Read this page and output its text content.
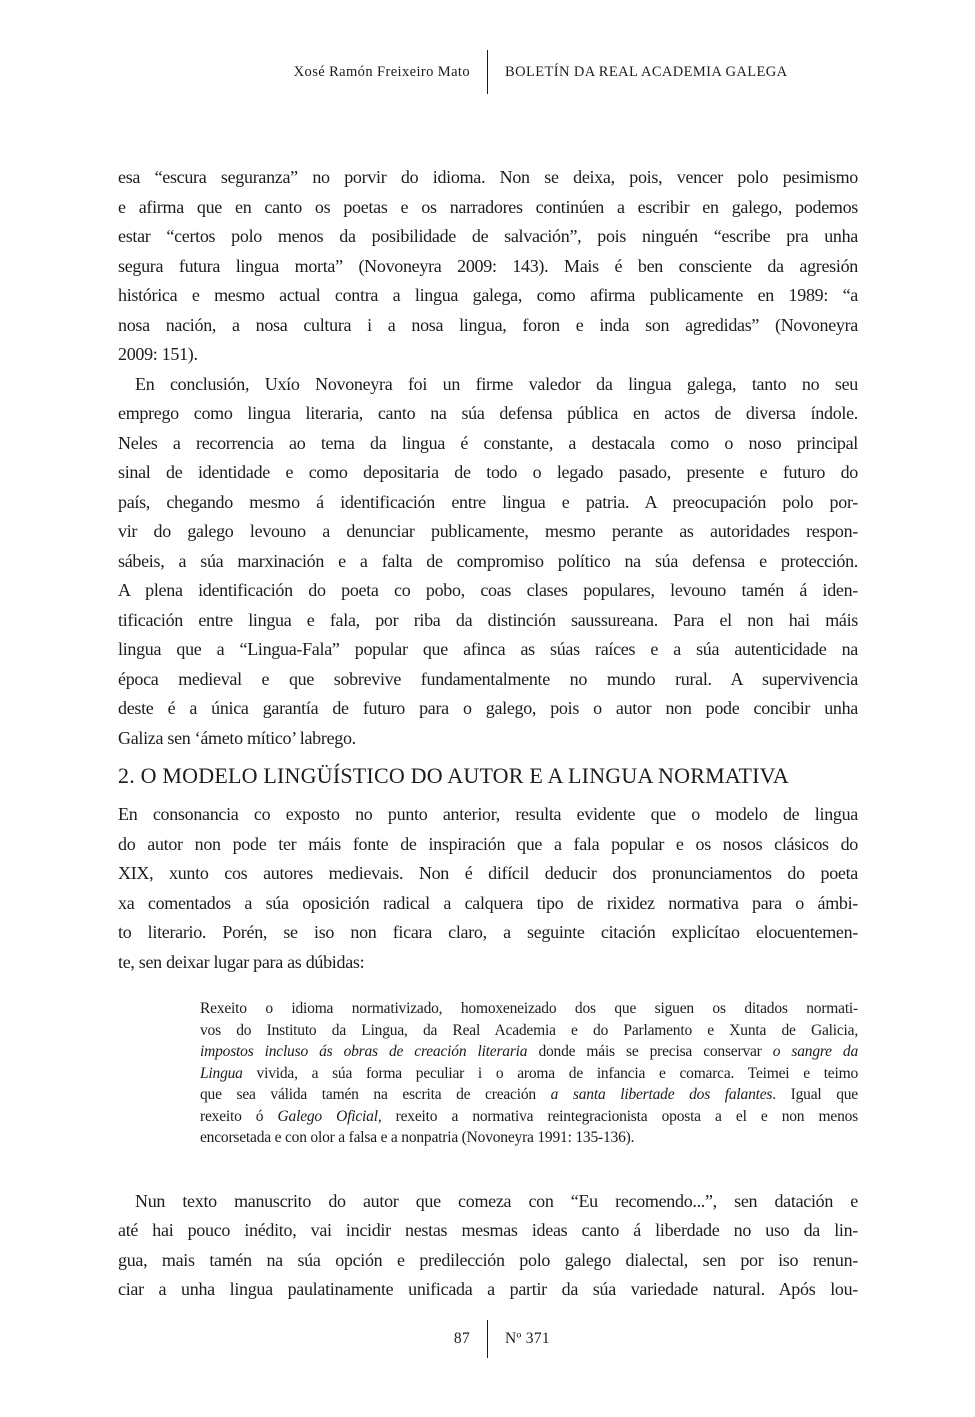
Xosé Ramón Freixeiro Mato	BOLETÍN DA REAL ACADEMIA GALEGA
esa “escura seguranza” no porvir do idioma. Non se deixa, pois, vencer polo pesimismo
e afirma que en canto os poetas e os narradores continúen a escribir en galego, podemos
estar “certos polo menos da posibilidade de salvación”, pois ninguén “escribe pra unha
segura futura lingua morta” (Novoneyra 2009: 143). Mais é ben consciente da agresión
histórica e mesmo actual contra a lingua galega, como afirma publicamente en 1989: “a
nosa nación, a nosa cultura i a nosa lingua, foron e inda son agredidas” (Novoneyra
2009: 151).
En conclusión, Uxío Novoneyra foi un firme valedor da lingua galega, tanto no seu
emprego como lingua literaria, canto na súa defensa pública en actos de diversa índole.
Neles a recorrencia ao tema da lingua é constante, a destacala como o noso principal
sinal de identidade e como depositaria de todo o legado pasado, presente e futuro do
país, chegando mesmo á identificación entre lingua e patria. A preocupación polo por-
vir do galego levouno a denunciar publicamente, mesmo perante as autoridades respon-
sábeis, a súa marxinación e a falta de compromiso político na súa defensa e protección.
A plena identificación do poeta co pobo, coas clases populares, levouno tamén á iden-
tificación entre lingua e fala, por riba da distinción saussureana. Para el non hai máis
lingua que a “Lingua-Fala” popular que afinca as súas raíces e a súa autenticidade na
época medieval e que sobrevive fundamentalmente no mundo rural. A supervivencia
deste é a única garantía de futuro para o galego, pois o autor non pode concibir unha
Galiza sen ‘ámeto mítico’ labrego.
2. O MODELO LINGÜÍSTICO DO AUTOR E A LINGUA NORMATIVA
En consonancia co exposto no punto anterior, resulta evidente que o modelo de lingua
do autor non pode ter máis fonte de inspiración que a fala popular e os nosos clásicos do
XIX, xunto cos autores medievais. Non é difícil deducir dos pronunciamentos do poeta
xa comentados a súa oposición radical a calquera tipo de rixidez normativa para o ámbi-
to literario. Porén, se iso non ficara claro, a seguinte citación explicítao elocuentemen-
te, sen deixar lugar para as dúbidas:
Rexeito o idioma normativizado, homoxeneizado dos que siguen os ditados normati-
vos do Instituto da Lingua, da Real Academia e do Parlamento e Xunta de Galicia,
impostos incluso ás obras de creación literaria donde máis se precisa conservar o sangre da
Lingua vivida, a súa forma peculiar i o aroma de infancia e comarca. Teimei e teimo
que sea válida tamén na escrita de creación a santa libertade dos falantes. Igual que
rexeito ó Galego Oficial, rexeito a normativa reintegracionista oposta a el e non menos
encorsetada e con olor a falsa e a nonpatria (Novoneyra 1991: 135-136).
Nun texto manuscrito do autor que comeza con “Eu recomendo...”, sen datación e
até hai pouco inédito, vai incidir nestas mesmas ideas canto á liberdade no uso da lin-
gua, mais tamén na súa opción e predilección polo galego dialectal, sen por iso renun-
ciar a unha lingua paulatinamente unificada a partir da súa variedade natural. Após lou-
87	Nº 371
